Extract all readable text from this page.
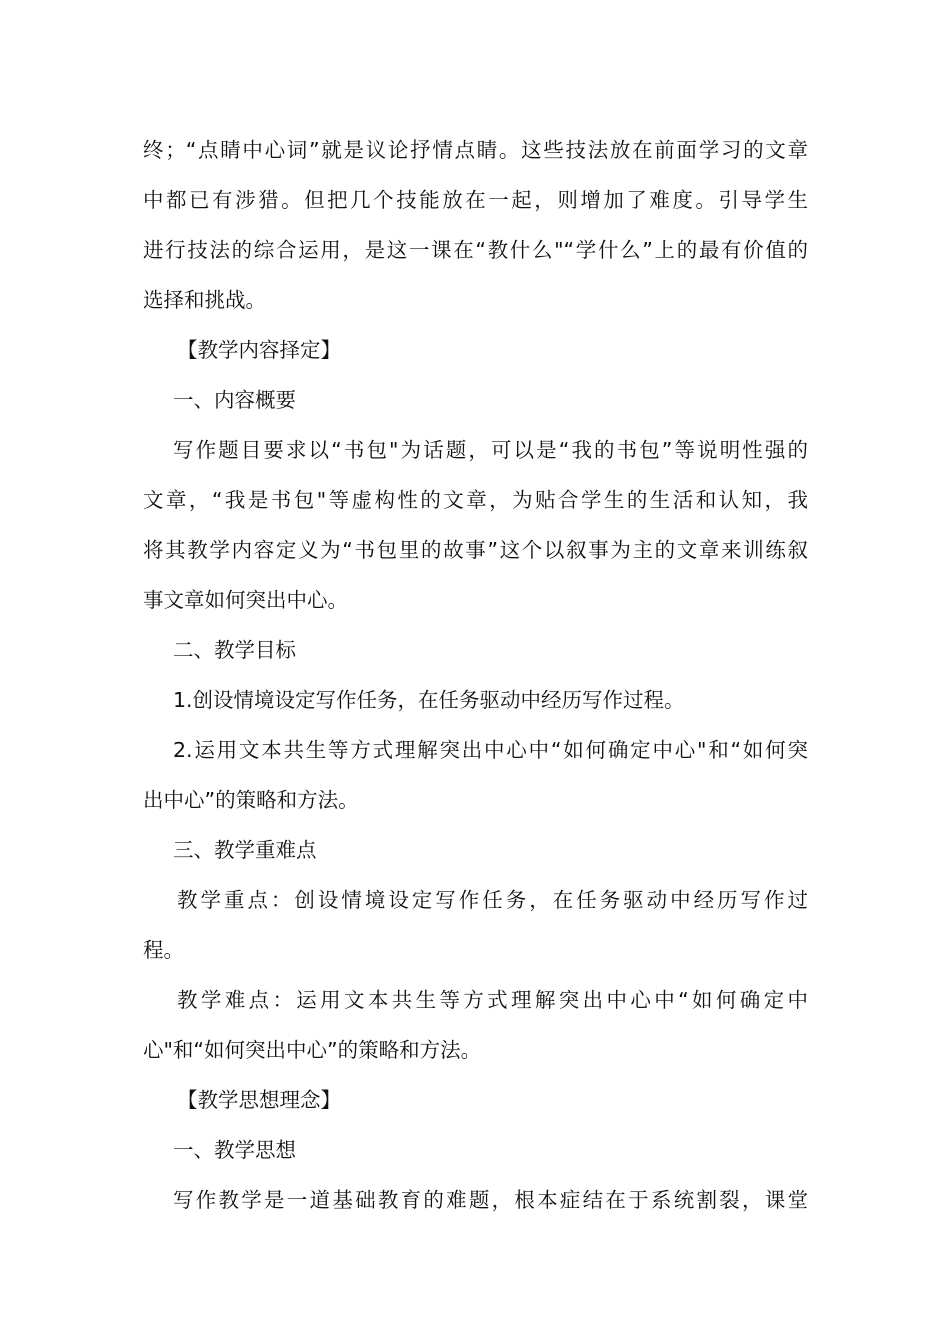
终；“点睛中心词”就是议论抒情点睛。这些技法放在前面学习的文章
中都已有涉猎。但把几个技能放在一起，则增加了难度。引导学生
进行技法的综合运用，是这一课在“教什么"“学什么”上的最有价值的
选择和挑战。
【教学内容择定】
一、内容概要
写作题目要求以“书包"为话题，可以是“我的书包”等说明性强的
文章，“我是书包"等虚构性的文章，为贴合学生的生活和认知，我
将其教学内容定义为“书包里的故事”这个以叙事为主的文章来训练叙
事文章如何突出中心。
二、教学目标
1.创设情境设定写作任务，在任务驱动中经历写作过程。
2.运用文本共生等方式理解突出中心中“如何确定中心"和“如何突
出中心”的策略和方法。
三、教学重难点
教学重点：创设情境设定写作任务，在任务驱动中经历写作过
程。
教学难点：运用文本共生等方式理解突出中心中“如何确定中
心"和“如何突出中心”的策略和方法。
【教学思想理念】
一、教学思想
写作教学是一道基础教育的难题，根本症结在于系统割裂，课堂
